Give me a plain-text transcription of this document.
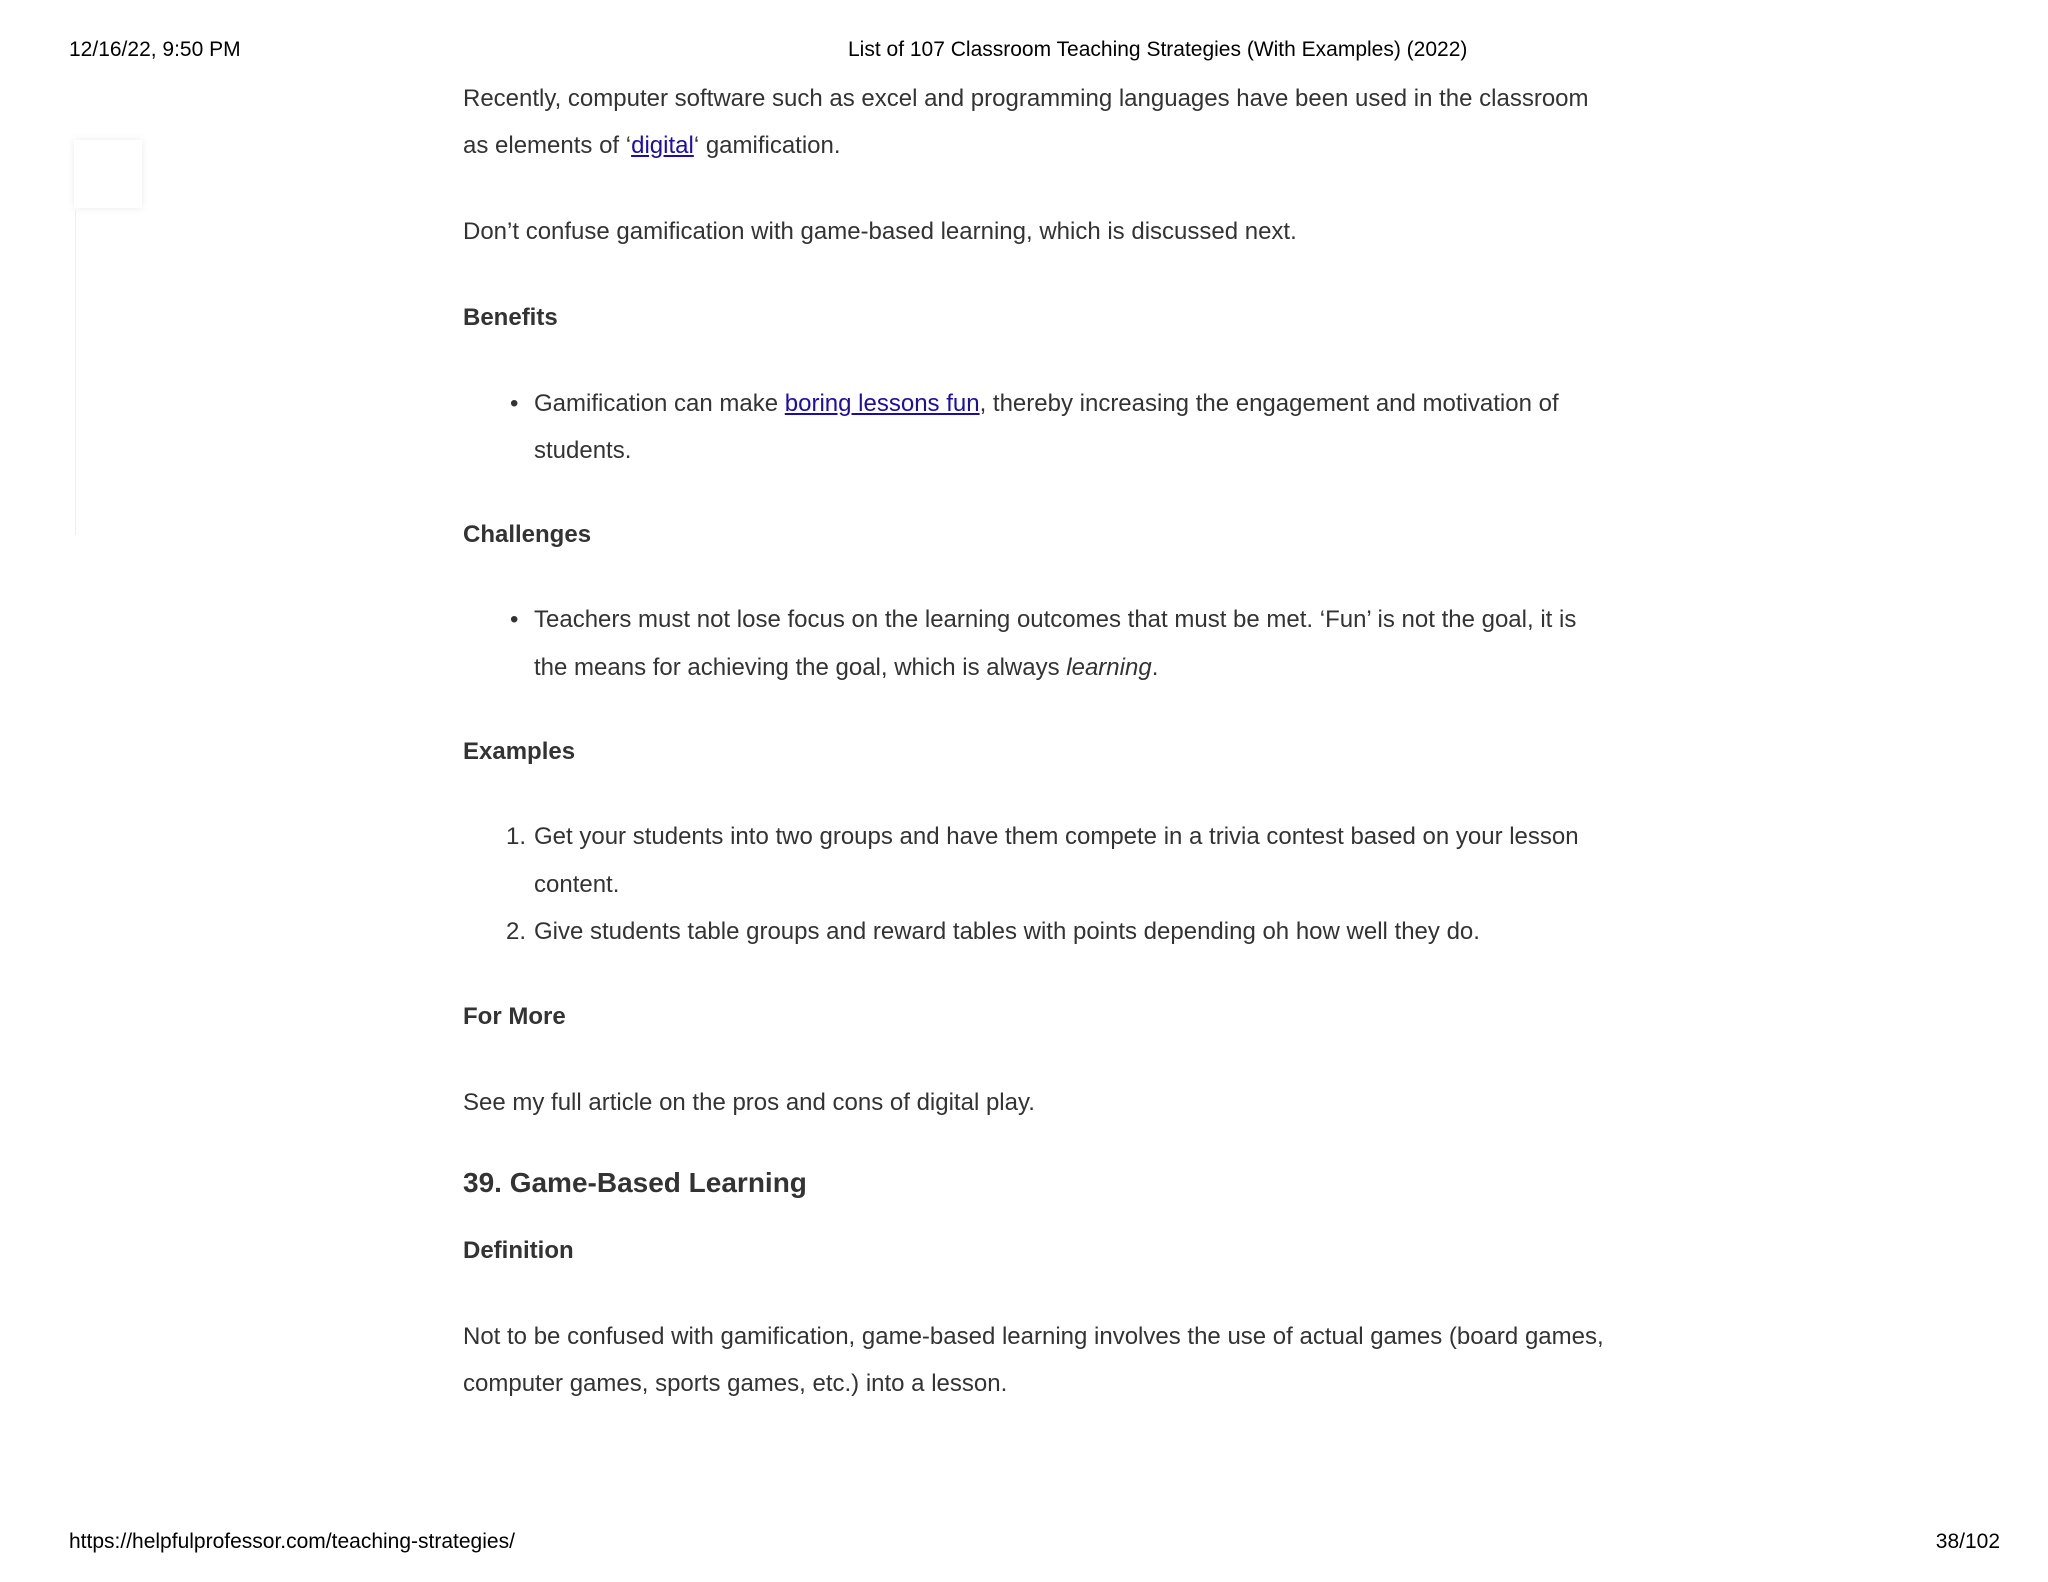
12/16/22, 9:50 PM	List of 107 Classroom Teaching Strategies (With Examples) (2022)

Recently, computer software such as excel and programming languages have been used in the classroom

as elements of ‘digital‘ gamification.

Don’t confuse gamification with game-based learning, which is discussed next.

Benefits

• Gamification can make boring lessons fun, thereby increasing the engagement and motivation of

students.

Challenges

• Teachers must not lose focus on the learning outcomes that must be met. ‘Fun’ is not the goal, it is

the means for achieving the goal, which is always learning.

Examples

1. Get your students into two groups and have them compete in a trivia contest based on your lesson

content.

2. Give students table groups and reward tables with points depending oh how well they do.

For More

See my full article on the pros and cons of digital play.

39. Game-Based Learning

Definition

Not to be confused with gamification, game-based learning involves the use of actual games (board games,

computer games, sports games, etc.) into a lesson.

https://helpfulprofessor.com/teaching-strategies/	38/102
